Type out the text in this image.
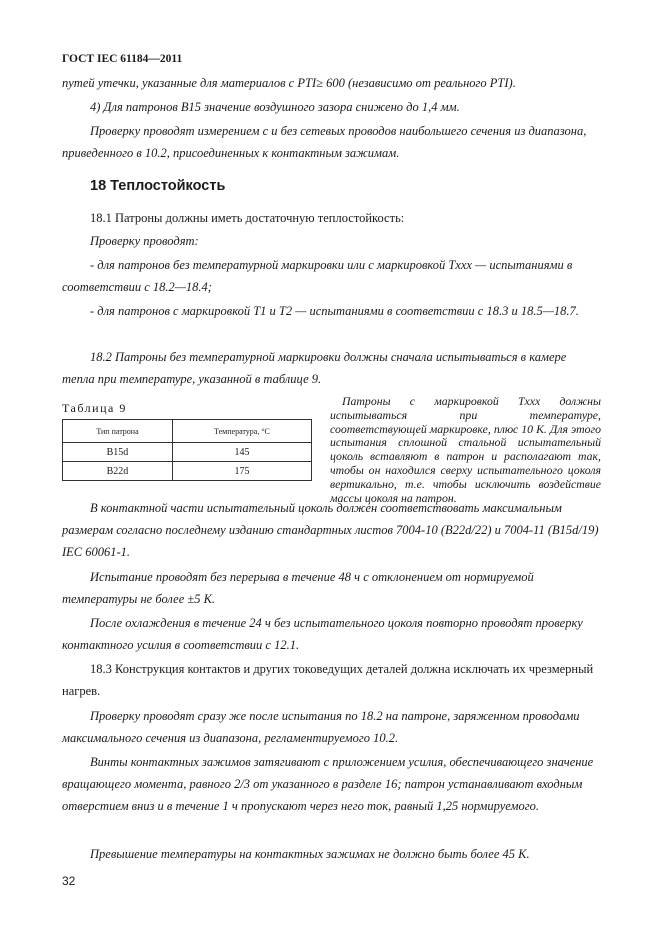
ГОСТ IEC 61184—2011
путей утечки, указанные для материалов с PTI≥ 600 (независимо от реального PTI).
4) Для патронов В15 значение воздушного зазора снижено до 1,4 мм.
Проверку проводят измерением с и без сетевых проводов наибольшего сечения из диапазона, приведенного в 10.2, присоединенных к контактным зажимам.
18 Теплостойкость
18.1 Патроны должны иметь достаточную теплостойкость:
Проверку проводят:
- для патронов без температурной маркировки или с маркировкой Tххх — испытаниями в соответствии с 18.2—18.4;
- для патронов с маркировкой T1 и T2 — испытаниями в соответствии с 18.3 и 18.5—18.7.
18.2 Патроны без температурной маркировки должны сначала испытываться в камере тепла при температуре, указанной в таблице 9.
Таблица 9
Тип патрона	Температура, °С
В15d	145
В22d	175
Патроны с маркировкой Tххх должны испытываться при температуре, соответствующей маркировке, плюс 10 К. Для этого испытания сплошной стальной испытательный цоколь вставляют в патрон и располагают так, чтобы он находился сверху испытательного цоколя вертикально, т.е. чтобы исключить воздействие массы цоколя на патрон.
В контактной части испытательный цоколь должен соответствовать максимальным размерам согласно последнему изданию стандартных листов 7004-10 (В22d/22) и 7004-11 (В15d/19) IEC 60061-1.
Испытание проводят без перерыва в течение 48 ч с отклонением от нормируемой температуры не более ±5 К.
После охлаждения в течение 24 ч без испытательного цоколя повторно проводят проверку контактного усилия в соответствии с 12.1.
18.3 Конструкция контактов и других токоведущих деталей должна исключать их чрезмерный нагрев.
Проверку проводят сразу же после испытания по 18.2 на патроне, заряженном проводами максимального сечения из диапазона, регламентируемого 10.2.
Винты контактных зажимов затягивают с приложением усилия, обеспечивающего значение вращающего момента, равного 2/3 от указанного в разделе 16; патрон устанавливают входным отверстием вниз и в течение 1 ч пропускают через него ток, равный 1,25 нормируемого.
Превышение температуры на контактных зажимах не должно быть более 45 К.
32
